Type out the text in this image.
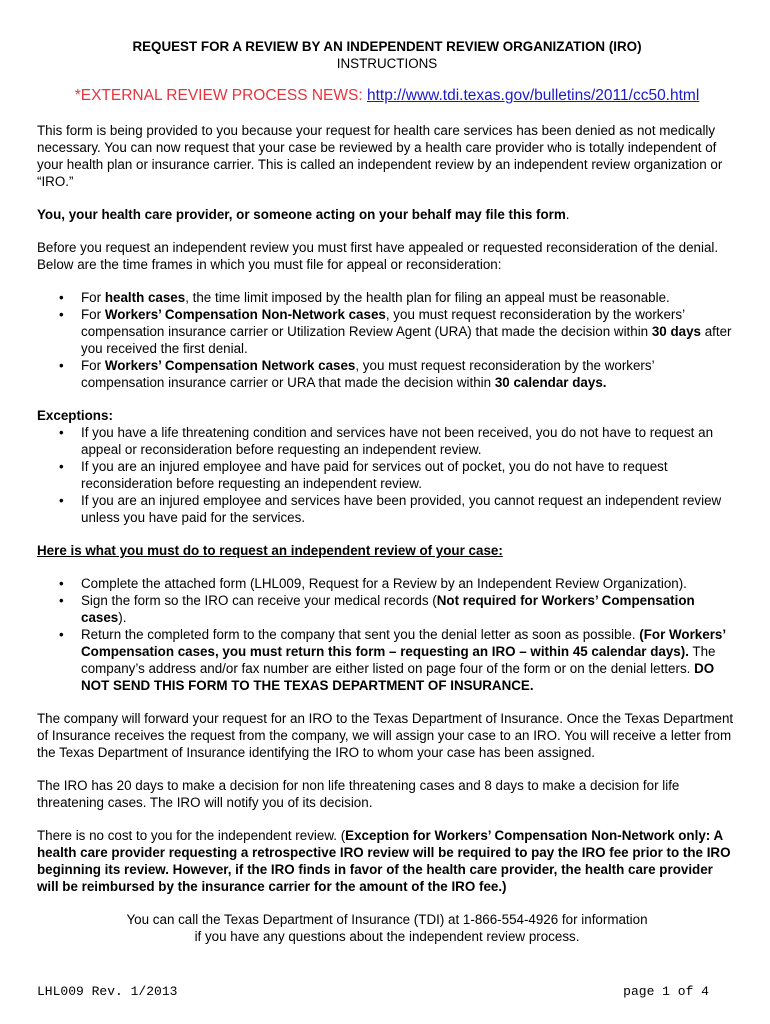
REQUEST FOR A REVIEW BY AN INDEPENDENT REVIEW ORGANIZATION (IRO)
INSTRUCTIONS
*EXTERNAL REVIEW PROCESS NEWS: http://www.tdi.texas.gov/bulletins/2011/cc50.html

This form is being provided to you because your request for health care services has been denied as not medically necessary. You can now request that your case be reviewed by a health care provider who is totally independent of your health plan or insurance carrier. This is called an independent review by an independent review organization or “IRO.”

You, your health care provider, or someone acting on your behalf may file this form.

Before you request an independent review you must first have appealed or requested reconsideration of the denial. Below are the time frames in which you must file for appeal or reconsideration:

• For health cases, the time limit imposed by the health plan for filing an appeal must be reasonable.
• For Workers’ Compensation Non-Network cases, you must request reconsideration by the workers’ compensation insurance carrier or Utilization Review Agent (URA) that made the decision within 30 days after you received the first denial.
• For Workers’ Compensation Network cases, you must request reconsideration by the workers’ compensation insurance carrier or URA that made the decision within 30 calendar days.

Exceptions:

• If you have a life threatening condition and services have not been received, you do not have to request an appeal or reconsideration before requesting an independent review.
• If you are an injured employee and have paid for services out of pocket, you do not have to request reconsideration before requesting an independent review.
• If you are an injured employee and services have been provided, you cannot request an independent review unless you have paid for the services.

Here is what you must do to request an independent review of your case:

• Complete the attached form (LHL009, Request for a Review by an Independent Review Organization).
• Sign the form so the IRO can receive your medical records (Not required for Workers’ Compensation cases).
• Return the completed form to the company that sent you the denial letter as soon as possible. (For Workers’ Compensation cases, you must return this form – requesting an IRO – within 45 calendar days). The company’s address and/or fax number are either listed on page four of the form or on the denial letters. DO NOT SEND THIS FORM TO THE TEXAS DEPARTMENT OF INSURANCE.

The company will forward your request for an IRO to the Texas Department of Insurance. Once the Texas Department of Insurance receives the request from the company, we will assign your case to an IRO. You will receive a letter from the Texas Department of Insurance identifying the IRO to whom your case has been assigned.

The IRO has 20 days to make a decision for non life threatening cases and 8 days to make a decision for life threatening cases. The IRO will notify you of its decision.

There is no cost to you for the independent review. (Exception for Workers’ Compensation Non-Network only: A health care provider requesting a retrospective IRO review will be required to pay the IRO fee prior to the IRO beginning its review. However, if the IRO finds in favor of the health care provider, the health care provider will be reimbursed by the insurance carrier for the amount of the IRO fee.)

You can call the Texas Department of Insurance (TDI) at 1-866-554-4926 for information
if you have any questions about the independent review process.
LHL009 Rev. 1/2013	page 1 of 4
